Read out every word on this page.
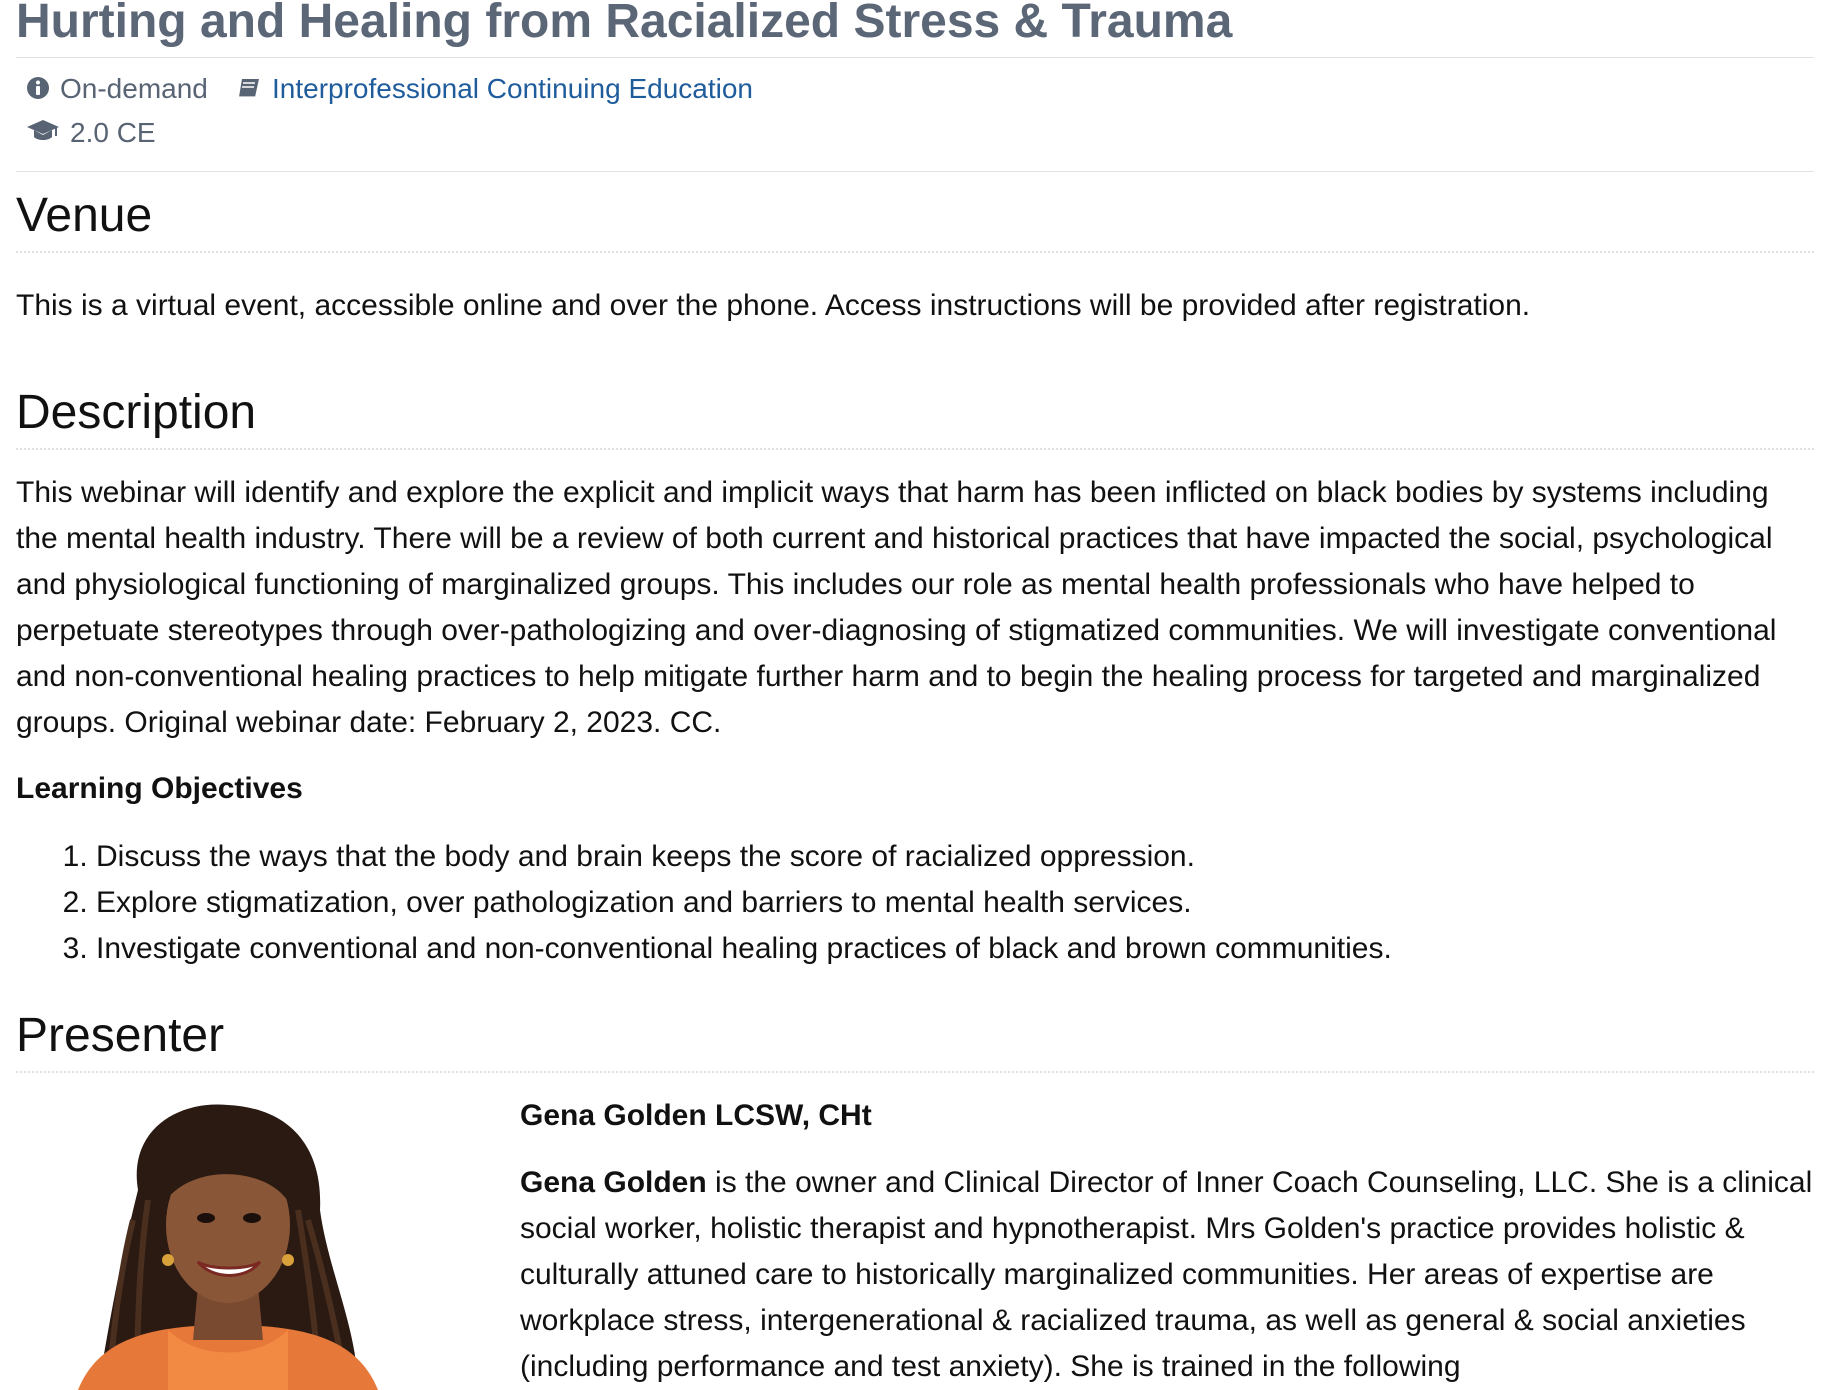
Hurting and Healing from Racialized Stress & Trauma
On-demand	Interprofessional Continuing Education
2.0 CE
Venue

This is a virtual event, accessible online and over the phone. Access instructions will be provided after registration.

Description

This webinar will identify and explore the explicit and implicit ways that harm has been inflicted on black bodies by systems including the mental health industry. There will be a review of both current and historical practices that have impacted the social, psychological and physiological functioning of marginalized groups. This includes our role as mental health professionals who have helped to perpetuate stereotypes through over-pathologizing and over-diagnosing of stigmatized communities. We will investigate conventional and non-conventional healing practices to help mitigate further harm and to begin the healing process for targeted and marginalized groups. Original webinar date: February 2, 2023. CC.

Learning Objectives
1. Discuss the ways that the body and brain keeps the score of racialized oppression.
2. Explore stigmatization, over pathologization and barriers to mental health services.
3. Investigate conventional and non-conventional healing practices of black and brown communities.
Presenter
Gena Golden LCSW, CHt

Gena Golden is the owner and Clinical Director of Inner Coach Counseling, LLC. She is a clinical social worker, holistic therapist and hypnotherapist. Mrs Golden's practice provides holistic & culturally attuned care to historically marginalized communities. Her areas of expertise are workplace stress, intergenerational & racialized trauma, as well as general & social anxieties (including performance and test anxiety). She is trained in the following
